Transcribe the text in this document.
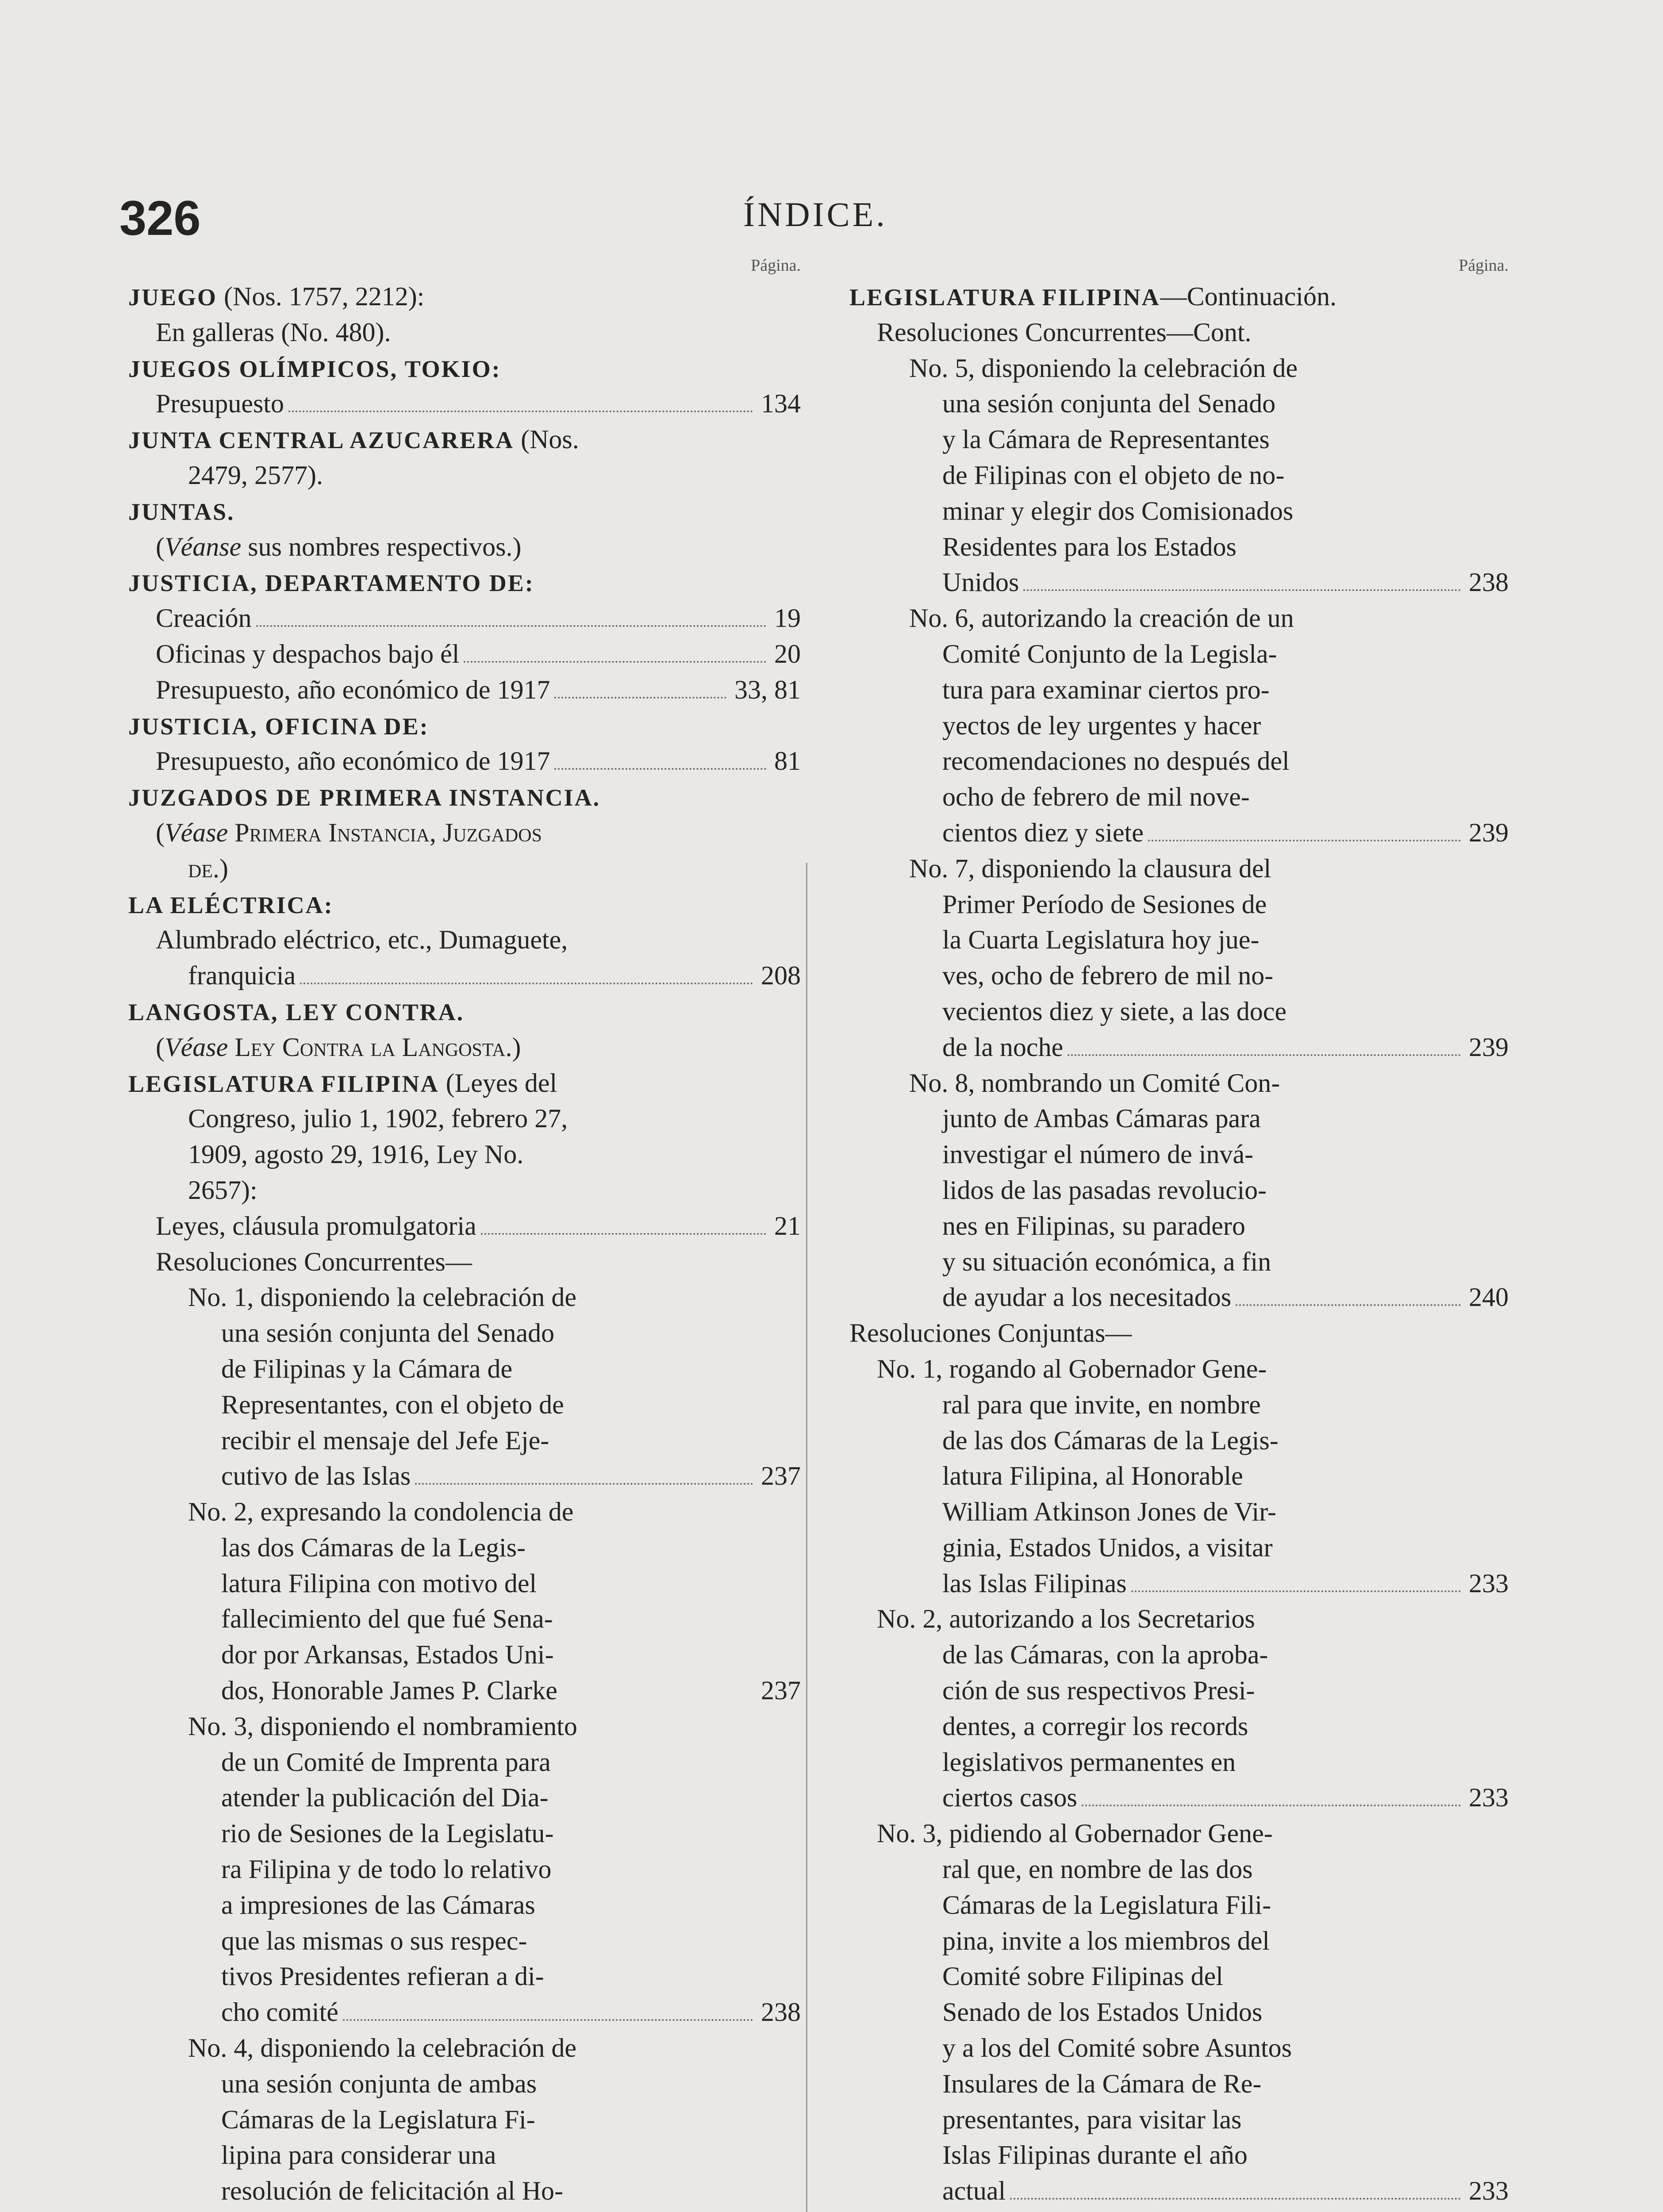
326	ÍNDICE.
Página.
JUEGO (Nos. 1757, 2212):
En galleras (No. 480).
JUEGOS OLÍMPICOS, TOKIO:
Presupuesto	134
JUNTA CENTRAL AZUCARERA (Nos.
2479, 2577).
JUNTAS.
(Véanse sus nombres respectivos.)
JUSTICIA, DEPARTAMENTO DE:
Creación	19
Oficinas y despachos bajo él	20
Presupuesto, año económico de 1917	33, 81
JUSTICIA, OFICINA DE:
Presupuesto, año económico de 1917	81
JUZGADOS DE PRIMERA INSTANCIA.
(Véase Primera Instancia, Juzgados
de.)
LA ELÉCTRICA:
Alumbrado eléctrico, etc., Dumaguete,
franquicia	208
LANGOSTA, LEY CONTRA.
(Véase Ley Contra la Langosta.)
LEGISLATURA FILIPINA (Leyes del
Congreso, julio 1, 1902, febrero 27,
1909, agosto 29, 1916, Ley No.
2657):
Leyes, cláusula promulgatoria	21
Resoluciones Concurrentes—
No. 1, disponiendo la celebración de
una sesión conjunta del Senado
de Filipinas y la Cámara de
Representantes, con el objeto de
recibir el mensaje del Jefe Eje-
cutivo de las Islas	237
No. 2, expresando la condolencia de
las dos Cámaras de la Legis-
latura Filipina con motivo del
fallecimiento del que fué Sena-
dor por Arkansas, Estados Uni-
dos, Honorable James P. Clarke	237
No. 3, disponiendo el nombramiento
de un Comité de Imprenta para
atender la publicación del Dia-
rio de Sesiones de la Legislatu-
ra Filipina y de todo lo relativo
a impresiones de las Cámaras
que las mismas o sus respec-
tivos Presidentes refieran a di-
cho comité	238
No. 4, disponiendo la celebración de
una sesión conjunta de ambas
Cámaras de la Legislatura Fi-
lipina para considerar una
resolución de felicitación al Ho-
Página.
LEGISLATURA FILIPINA—Continuación.
Resoluciones Concurrentes—Cont.
No. 5, disponiendo la celebración de
una sesión conjunta del Senado
y la Cámara de Representantes
de Filipinas con el objeto de no-
minar y elegir dos Comisionados
Residentes para los Estados
Unidos	238
No. 6, autorizando la creación de un
Comité Conjunto de la Legisla-
tura para examinar ciertos pro-
yectos de ley urgentes y hacer
recomendaciones no después del
ocho de febrero de mil nove-
cientos diez y siete	239
No. 7, disponiendo la clausura del
Primer Período de Sesiones de
la Cuarta Legislatura hoy jue-
ves, ocho de febrero de mil no-
vecientos diez y siete, a las doce
de la noche	239
No. 8, nombrando un Comité Con-
junto de Ambas Cámaras para
investigar el número de invá-
lidos de las pasadas revolucio-
nes en Filipinas, su paradero
y su situación económica, a fin
de ayudar a los necesitados	240
Resoluciones Conjuntas—
No. 1, rogando al Gobernador Gene-
ral para que invite, en nombre
de las dos Cámaras de la Legis-
latura Filipina, al Honorable
William Atkinson Jones de Vir-
ginia, Estados Unidos, a visitar
las Islas Filipinas	233
No. 2, autorizando a los Secretarios
de las Cámaras, con la aproba-
ción de sus respectivos Presi-
dentes, a corregir los records
legislativos permanentes en
ciertos casos	233
No. 3, pidiendo al Gobernador Gene-
ral que, en nombre de las dos
Cámaras de la Legislatura Fili-
pina, invite a los miembros del
Comité sobre Filipinas del
Senado de los Estados Unidos
y a los del Comité sobre Asuntos
Insulares de la Cámara de Re-
presentantes, para visitar las
Islas Filipinas durante el año
actual	233
